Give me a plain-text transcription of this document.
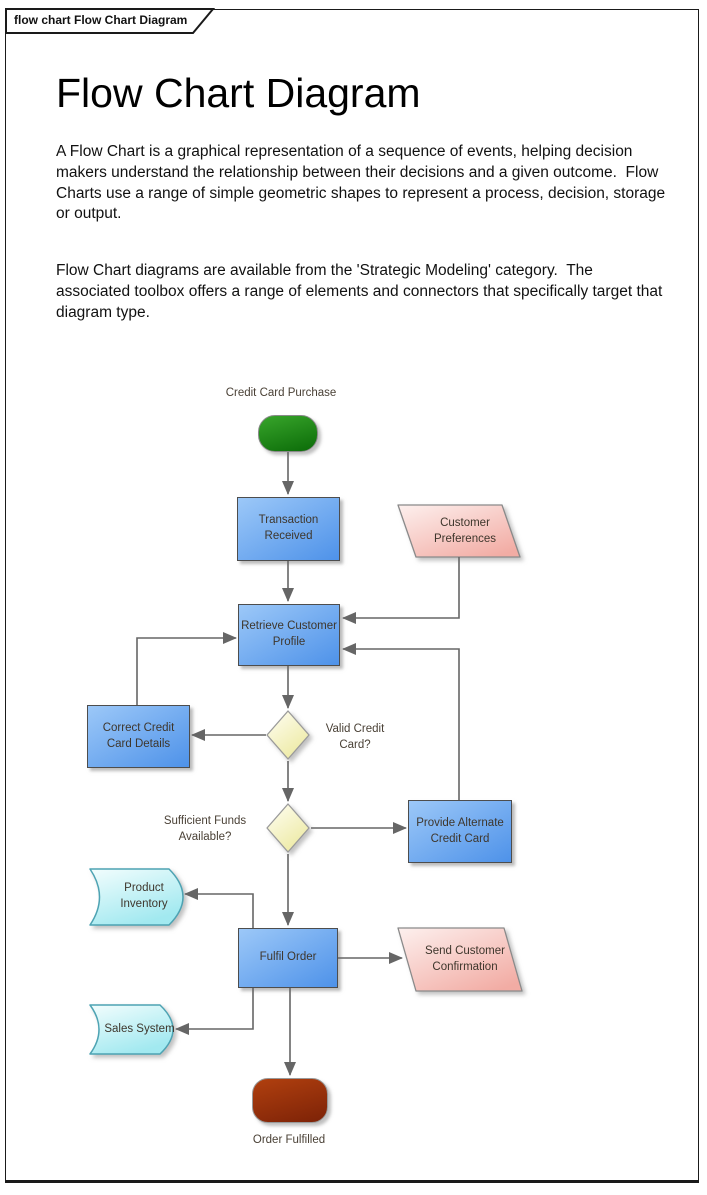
flow chart Flow Chart Diagram
Flow Chart Diagram
A Flow Chart is a graphical representation of a sequence of events, helping decision makers understand the relationship between their decisions and a given outcome.  Flow Charts use a range of simple geometric shapes to represent a process, decision, storage or output.
Flow Chart diagrams are available from the 'Strategic Modeling' category.  The associated toolbox offers a range of elements and connectors that specifically target that diagram type.
Credit Card Purchase
Transaction Received
Customer Preferences
Retrieve Customer Profile
Correct Credit Card Details
Valid Credit Card?
Sufficient Funds Available?
Provide Alternate Credit Card
Product Inventory
Fulfil Order	Send Customer Confirmation
Sales System
Order Fulfilled
